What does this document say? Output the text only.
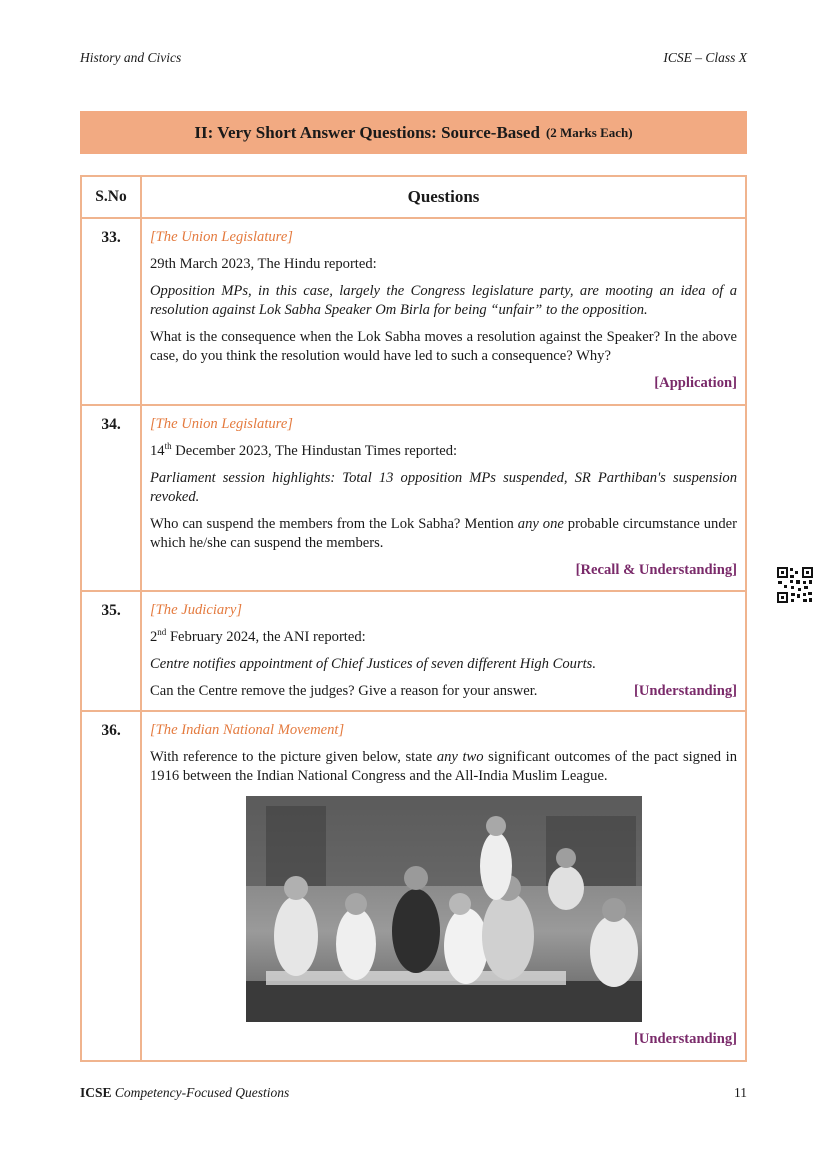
History and Civics	ICSE – Class X
II: Very Short Answer Questions: Source-Based (2 Marks Each)
S.No	Questions
33.	[The Union Legislature]

29th March 2023, The Hindu reported:

Opposition MPs, in this case, largely the Congress legislature party, are mooting an idea of a resolution against Lok Sabha Speaker Om Birla for being “unfair” to the opposition.

What is the consequence when the Lok Sabha moves a resolution against the Speaker? In the above case, do you think the resolution would have led to such a consequence? Why?

[Application]

34.	[The Union Legislature]

14th December 2023, The Hindustan Times reported:

Parliament session highlights: Total 13 opposition MPs suspended, SR Parthiban's suspension revoked.

Who can suspend the members from the Lok Sabha? Mention any one probable circumstance under which he/she can suspend the members.

[Recall & Understanding]

35.	[The Judiciary]

2nd February 2024, the ANI reported:

Centre notifies appointment of Chief Justices of seven different High Courts.

Can the Centre remove the judges? Give a reason for your answer. [Understanding]

36.	[The Indian National Movement]

With reference to the picture given below, state any two significant outcomes of the pact signed in 1916 between the Indian National Congress and the All-India Muslim League.

[Understanding]

ICSE Competency-Focused Questions	11
